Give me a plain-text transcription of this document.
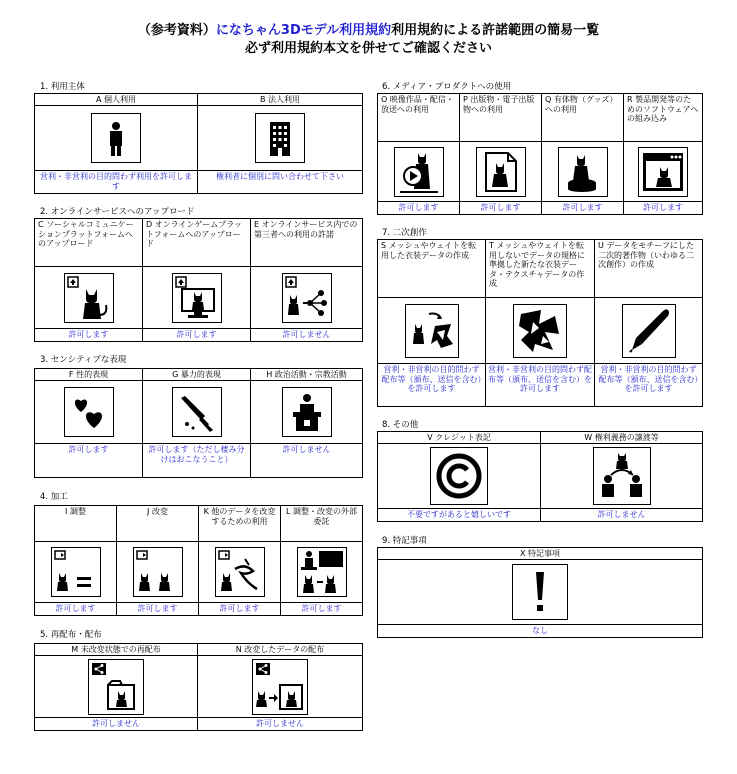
（参考資料）になちゃん3Dモデル利用規約利用規約による許諾範囲の簡易一覧
必ず利用規約本文を併せてご確認ください
1. 利用主体
A 個人利用
営利・非営利の目的問わず利用を許可します
B 法人利用
権利者に個別に問い合わせて下さい
2. オンラインサービスへのアップロード
C ソーシャルコミュニケーションプラットフォームへのアップロード
許可します
D オンラインゲームプラットフォームへのアップロード
許可します
E オンラインサービス内での第三者への利用の許諾
許可しません
3. センシティブな表現
F 性的表現
許可します
G 暴力的表現
許可します（ただし棲み分けはおこなうこと）
H 政治活動・宗教活動
許可しません
4. 加工
I 調整
許可します
J 改変
許可します
K 他のデータを改変するための利用
許可します
L 調整・改変の外部委託
許可します
5. 再配布・配布
M 未改変状態での再配布
許可しません
N 改変したデータの配布
許可しません
6. メディア・プロダクトへの使用
O 映像作品・配信・放送への利用
許可します
P 出版物・電子出版物への利用
許可します
Q 有体物（グッズ）への利用
許可します
R 製品開発等のためのソフトウェアへの組み込み
許可します
7. 二次創作
S メッシュやウェイトを転用した衣装データの作成
営利・非営利の目的問わず配布等（頒布、送信を含む）を許可します
T メッシュやウェイトを転用しないでデータの規格に準拠した新たな衣装データ・テクスチャデータの作成
営利・非営利の目的問わず配布等（頒布、送信を含む）を許可します
U データをモチーフにした二次的著作物（いわゆる二次創作）の作成
営利・非営利の目的問わず配布等（頒布、送信を含む）を許可します
8. その他
V クレジット表記
不要ですがあると嬉しいです
W 権利義務の譲渡等
許可しません
9. 特記事項
X 特記事項
なし
